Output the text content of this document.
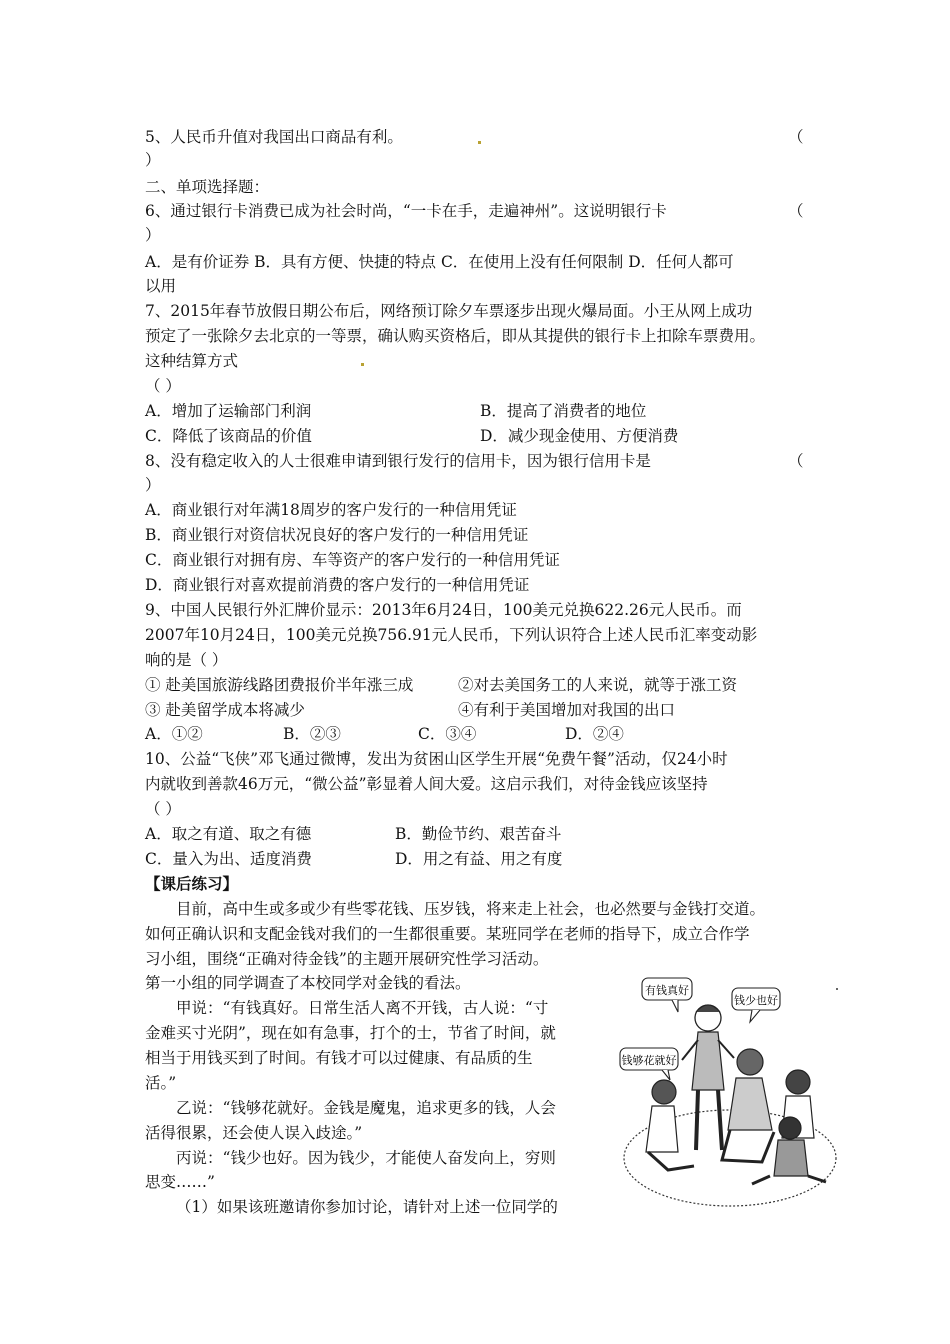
5、人民币升值对我国出口商品有利。	（
）
二、单项选择题：
6、通过银行卡消费已成为社会时尚，“一卡在手，走遍神州”。这说明银行卡	（
）
A．是有价证券 B．具有方便、快捷的特点 C．在使用上没有任何限制 D．任何人都可
以用
7、2015年春节放假日期公布后，网络预订除夕车票逐步出现火爆局面。小王从网上成功
预定了一张除夕去北京的一等票，确认购买资格后，即从其提供的银行卡上扣除车票费用。
这种结算方式
（ ）
A．增加了运输部门利润	B．提高了消费者的地位
C．降低了该商品的价值	D．减少现金使用、方便消费
8、没有稳定收入的人士很难申请到银行发行的信用卡，因为银行信用卡是	（
）
A．商业银行对年满18周岁的客户发行的一种信用凭证
B．商业银行对资信状况良好的客户发行的一种信用凭证
C．商业银行对拥有房、车等资产的客户发行的一种信用凭证
D．商业银行对喜欢提前消费的客户发行的一种信用凭证
9、中国人民银行外汇牌价显示：2013年6月24日，100美元兑换622.26元人民币。而
2007年10月24日，100美元兑换756.91元人民币，下列认识符合上述人民币汇率变动影
响的是（ ）
① 赴美国旅游线路团费报价半年涨三成	②对去美国务工的人来说，就等于涨工资
③ 赴美留学成本将减少	④有利于美国增加对我国的出口
A．①②	B．②③	C．③④	D．②④
10、公益“飞侠”邓飞通过微博，发出为贫困山区学生开展“免费午餐”活动，仅24小时
内就收到善款46万元，“微公益”彰显着人间大爱。这启示我们，对待金钱应该坚持
（ ）
A．取之有道、取之有德	B．勤俭节约、艰苦奋斗
C．量入为出、适度消费	D．用之有益、用之有度
【课后练习】
目前，高中生或多或少有些零花钱、压岁钱，将来走上社会，也必然要与金钱打交道。
如何正确认识和支配金钱对我们的一生都很重要。某班同学在老师的指导下，成立合作学
习小组，围绕“正确对待金钱”的主题开展研究性学习活动。
第一小组的同学调查了本校同学对金钱的看法。
甲说：“有钱真好。日常生活人离不开钱，古人说：“寸
金难买寸光阴”，现在如有急事，打个的士，节省了时间，就
相当于用钱买到了时间。有钱才可以过健康、有品质的生
活。”
乙说：“钱够花就好。金钱是魔鬼，追求更多的钱，人会
活得很累，还会使人误入歧途。”
丙说：“钱少也好。因为钱少，才能使人奋发向上，穷则
思变……”
（1）如果该班邀请你参加讨论，请针对上述一位同学的
有钱真好
钱少也好
钱够花就好
